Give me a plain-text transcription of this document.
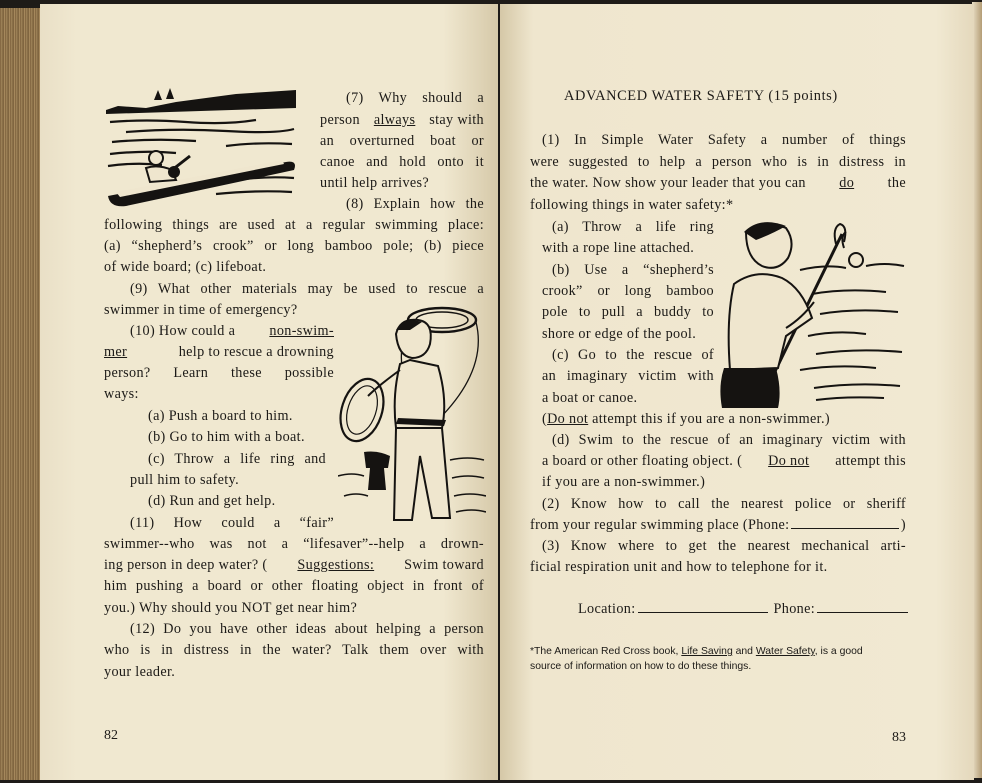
(7) Why should a

person always stay with

an overturned boat or

canoe and hold onto it

until help arrives?

(8) Explain how the

following things are used at a regular swimming place:

(a) “shepherd’s crook” or long bamboo pole; (b) piece

of wide board; (c) lifeboat.

(9) What other materials may be used to rescue a

swimmer in time of emergency?

(10) How could a non-swim-

mer	help to rescue a drowning

person? Learn these possible

ways:

(a) Push a board to him.

(b) Go to him with a boat.

(c) Throw a life ring and

pull him to safety.

(d) Run and get help.

(11) How could a “fair”

swimmer--who was not a “lifesaver”--help a drown-

ing person in deep water? ( Suggestions: Swim toward

him pushing a board or other floating object in front of

you.) Why should you NOT get near him?

(12) Do you have other ideas about helping a person

who is in distress in the water? Talk them over with

your leader.

82
ADVANCED WATER SAFETY (15 points)

(1) In Simple Water Safety a number of things

were suggested to help a person who is in distress in

the water. Now show your leader that you can do the

following things in water safety:*

(a) Throw a life ring

with a rope line attached.

(b) Use a “shepherd’s

crook” or long bamboo

pole to pull a buddy to

shore or edge of the pool.

(c) Go to the rescue of

an imaginary victim with

a boat or canoe.

(Do not attempt this if you are a non-swimmer.)

(d) Swim to the rescue of an imaginary victim with

a board or other floating object. ( Do not attempt this

if you are a non-swimmer.)

(2) Know how to call the nearest police or sheriff

from your regular swimming place (Phone:	)

(3) Know where to get the nearest mechanical arti-

ficial respiration unit and how to telephone for it.

Location:	Phone:

*The American Red Cross book, Life Saving and Water Safety, is a good
source of information on how to do these things.
83
